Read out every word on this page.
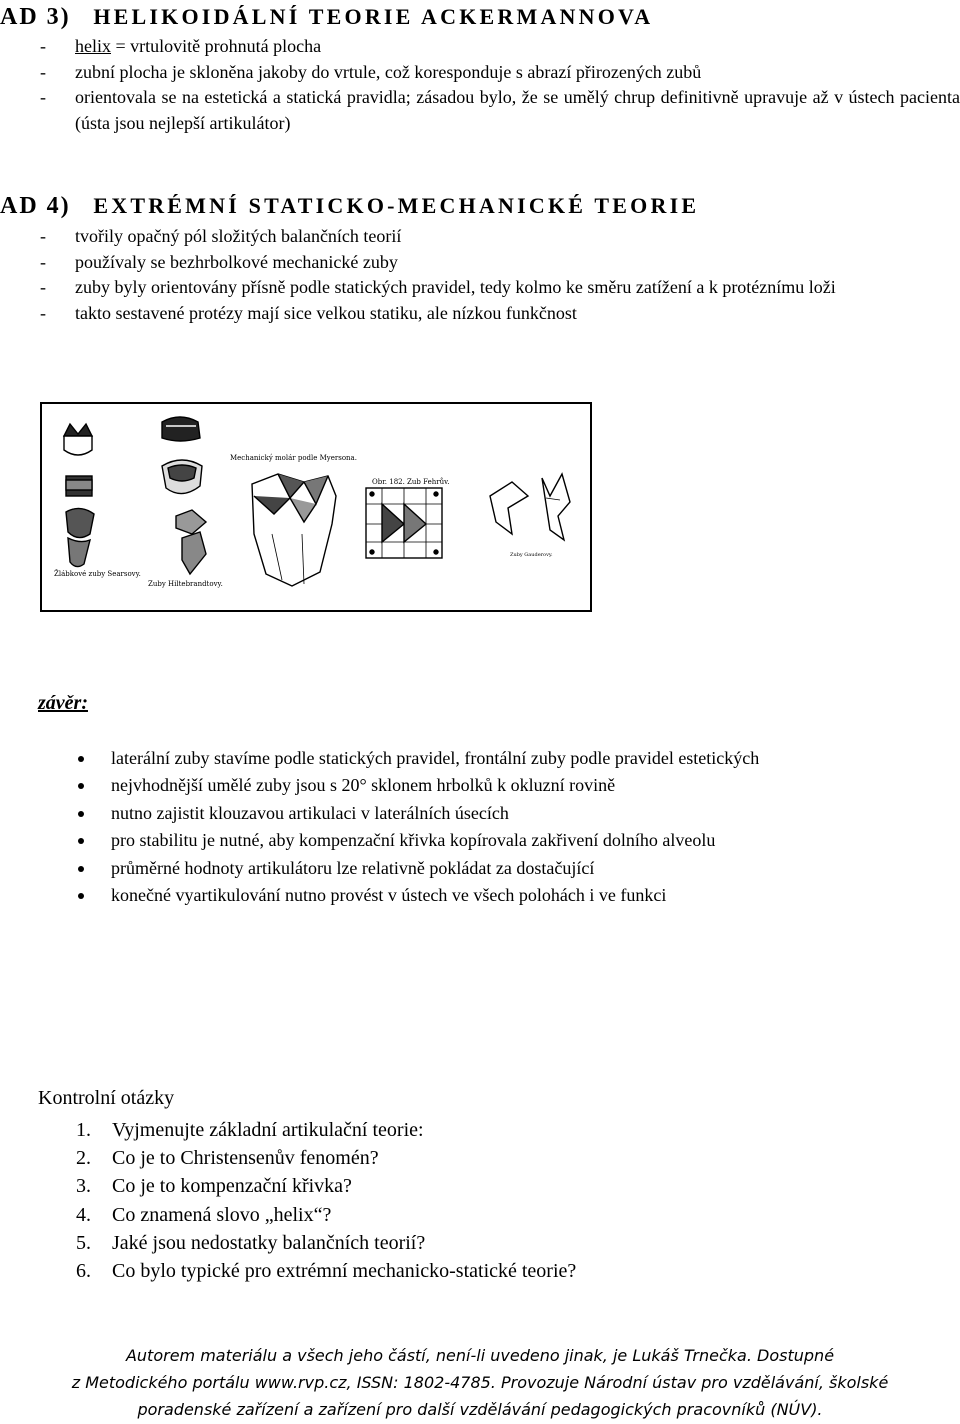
AD 3) HELIKOIDÁLNÍ TEORIE ACKERMANNOVA
- helix = vrtulovitě prohnutá plocha
- zubní plocha je skloněna jakoby do vrtule, což koresponduje s abrazí přirozených zubů
- orientovala se na estetická a statická pravidla; zásadou bylo, že se umělý chrup definitivně upravuje až v ústech pacienta (ústa jsou nejlepší artikulátor)
AD 4) EXTRÉMNÍ STATICKO-MECHANICKÉ TEORIE
- tvořily opačný pól složitých balančních teorií
- používaly se bezhrbolkové mechanické zuby
- zuby byly orientovány přísně podle statických pravidel, tedy kolmo ke směru zatížení a k protéznímu loži
- takto sestavené protézy mají sice velkou statiku, ale nízkou funkčnost
Mechanický molár podle Myersona.
Obr. 182. Zub Fehrův.
Žlábkové zuby Searsovy.
Zuby Hiltebrandtovy.
Zuby Gauderovy.
závěr:
laterální zuby stavíme podle statických pravidel, frontální zuby podle pravidel estetických
nejvhodnější umělé zuby jsou s 20° sklonem hrbolků k okluzní rovině
nutno zajistit klouzavou artikulaci v laterálních úsecích
pro stabilitu je nutné, aby kompenzační křivka kopírovala zakřivení dolního alveolu
průměrné hodnoty artikulátoru lze relativně pokládat za dostačující
konečné vyartikulování nutno provést v ústech ve všech polohách i ve funkci
Kontrolní otázky
1. Vyjmenujte základní artikulační teorie:
2. Co je to Christensenův fenomén?
3. Co je to kompenzační křivka?
4. Co znamená slovo „helix“?
5. Jaké jsou nedostatky balančních teorií?
6. Co bylo typické pro extrémní mechanicko-statické teorie?
Autorem materiálu a všech jeho částí, není-li uvedeno jinak, je Lukáš Trnečka. Dostupné
z Metodického portálu www.rvp.cz, ISSN: 1802-4785. Provozuje Národní ústav pro vzdělávání, školské
poradenské zařízení a zařízení pro další vzdělávání pedagogických pracovníků (NÚV).
